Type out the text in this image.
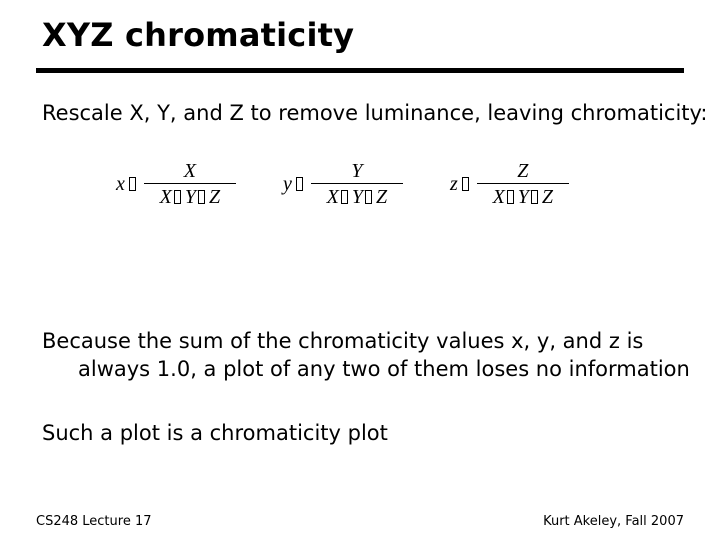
XYZ chromaticity
Rescale X, Y, and Z to remove luminance, leaving chromaticity:
x $\frac{X}{\text{X Y Z}}$ y $\frac{Y}{\text{X Y Z}}$ z $\frac{Z}{\text{X Y Z}}$
Because the sum of the chromaticity values x, y, and z is always 1.0, a plot of any two of them loses no information
Such a plot is a chromaticity plot
CS248 Lecture 17	Kurt Akeley, Fall 2007
